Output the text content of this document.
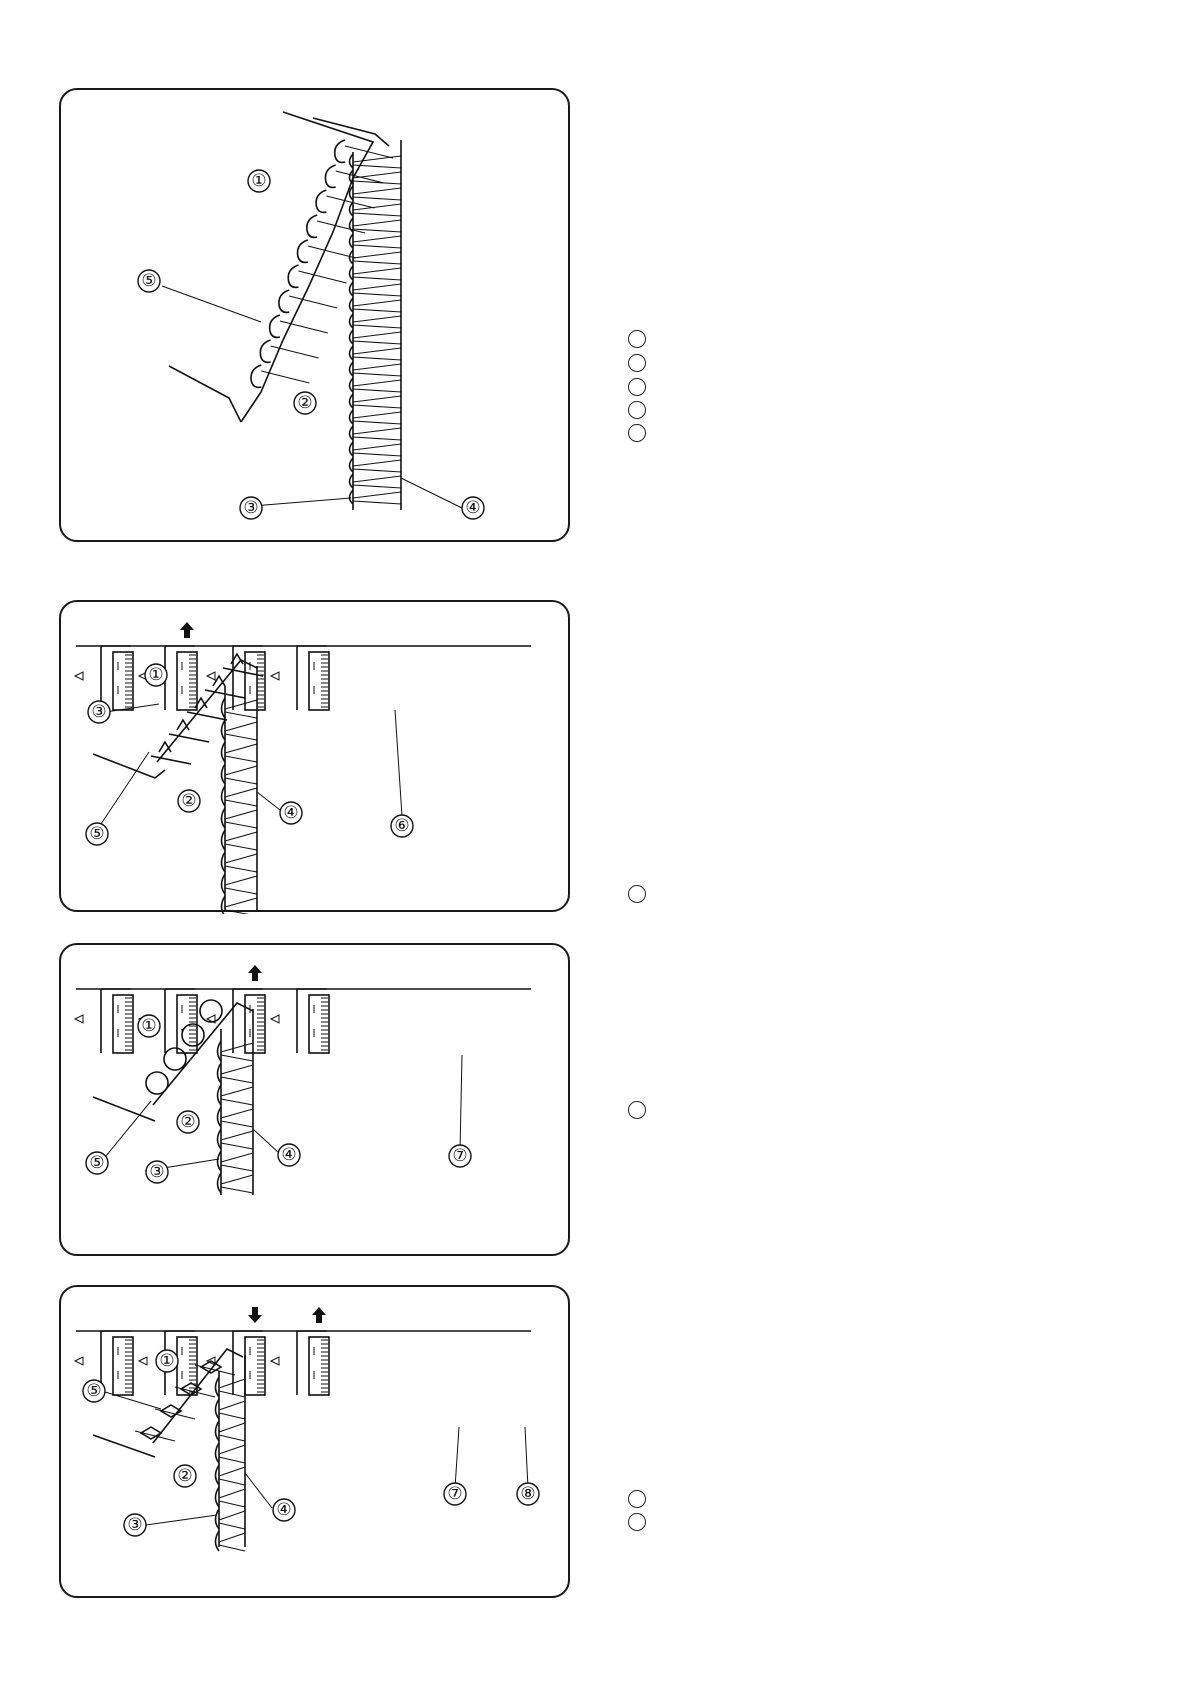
①
②
③	④
⑤
①
②
③
④
⑤	⑥
①
②
③
④
⑤	⑦
①
②
③
④
⑤
⑦	⑧
